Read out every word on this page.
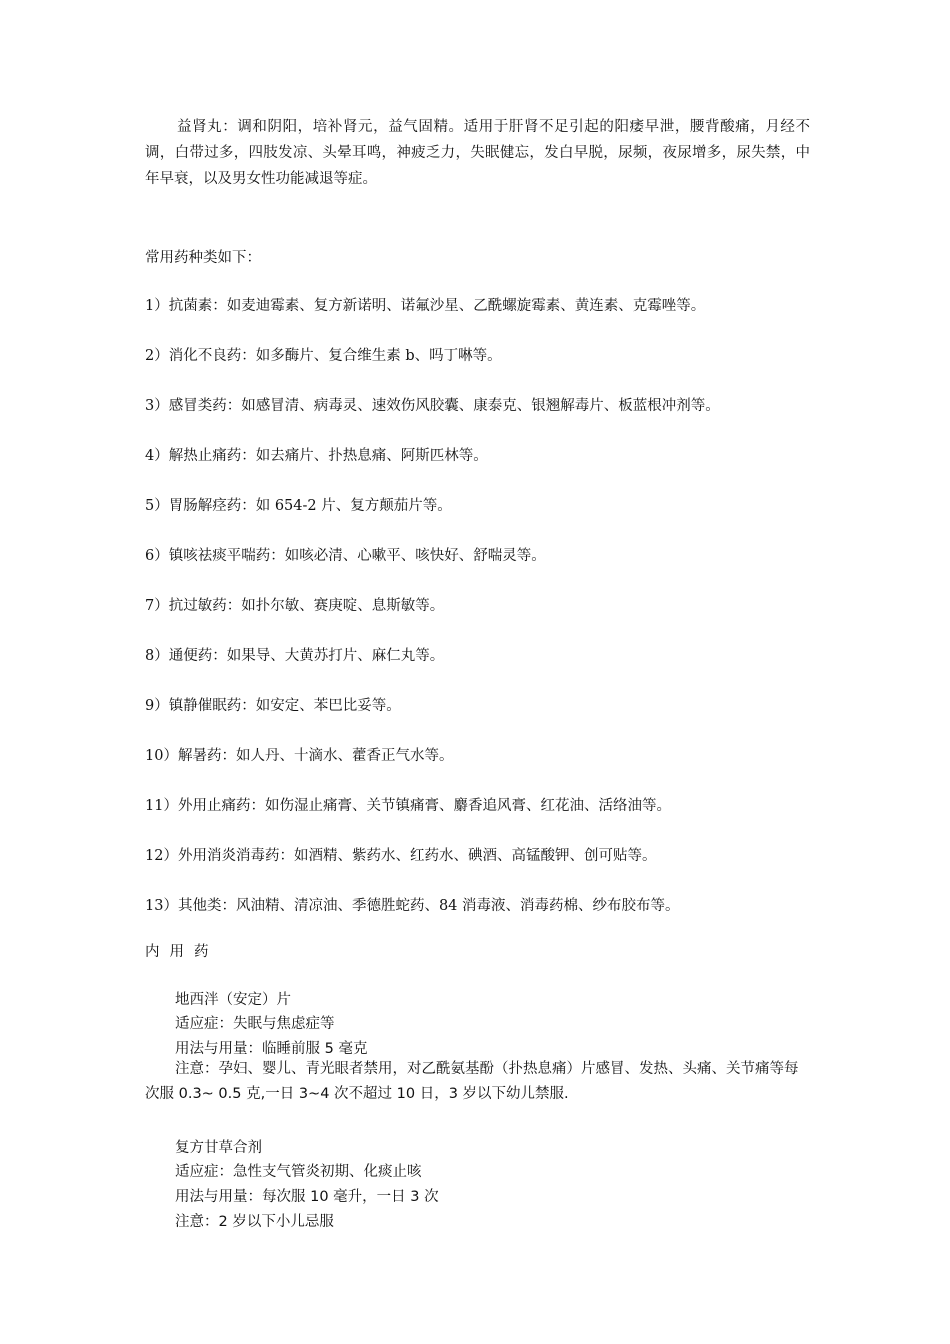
益肾丸：调和阴阳，培补肾元，益气固精。适用于肝肾不足引起的阳痿早泄，腰背酸痛，月经不调，白带过多，四肢发凉、头晕耳鸣，神疲乏力，失眠健忘，发白早脱，尿频，夜尿增多，尿失禁，中年早衰，以及男女性功能减退等症。

常用药种类如下：

1）抗菌素：如麦迪霉素、复方新诺明、诺氟沙星、乙酰螺旋霉素、黄连素、克霉唑等。

2）消化不良药：如多酶片、复合维生素 b、吗丁啉等。

3）感冒类药：如感冒清、病毒灵、速效伤风胶囊、康泰克、银翘解毒片、板蓝根冲剂等。

4）解热止痛药：如去痛片、扑热息痛、阿斯匹林等。

5）胃肠解痉药：如 654-2 片、复方颠茄片等。

6）镇咳祛痰平喘药：如咳必清、心嗽平、咳快好、舒喘灵等。

7）抗过敏药：如扑尔敏、赛庚啶、息斯敏等。

8）通便药：如果导、大黄苏打片、麻仁丸等。

9）镇静催眠药：如安定、苯巴比妥等。

10）解暑药：如人丹、十滴水、藿香正气水等。

11）外用止痛药：如伤湿止痛膏、关节镇痛膏、麝香追风膏、红花油、活络油等。

12）外用消炎消毒药：如酒精、紫药水、红药水、碘酒、高锰酸钾、创可贴等。

13）其他类：风油精、清凉油、季德胜蛇药、84 消毒液、消毒药棉、纱布胶布等。

内用药

地西泮（安定）片

适应症：失眠与焦虑症等

用法与用量：临睡前服 5 毫克

注意：孕妇、婴儿、青光眼者禁用，对乙酰氨基酚（扑热息痛）片感冒、发热、头痛、关节痛等每次服 0.3~ 0.5 克,一日 3~4 次不超过 10 日，3 岁以下幼儿禁服.

复方甘草合剂

适应症：急性支气管炎初期、化痰止咳

用法与用量：每次服 10 毫升，一日 3 次

注意：2 岁以下小儿忌服
